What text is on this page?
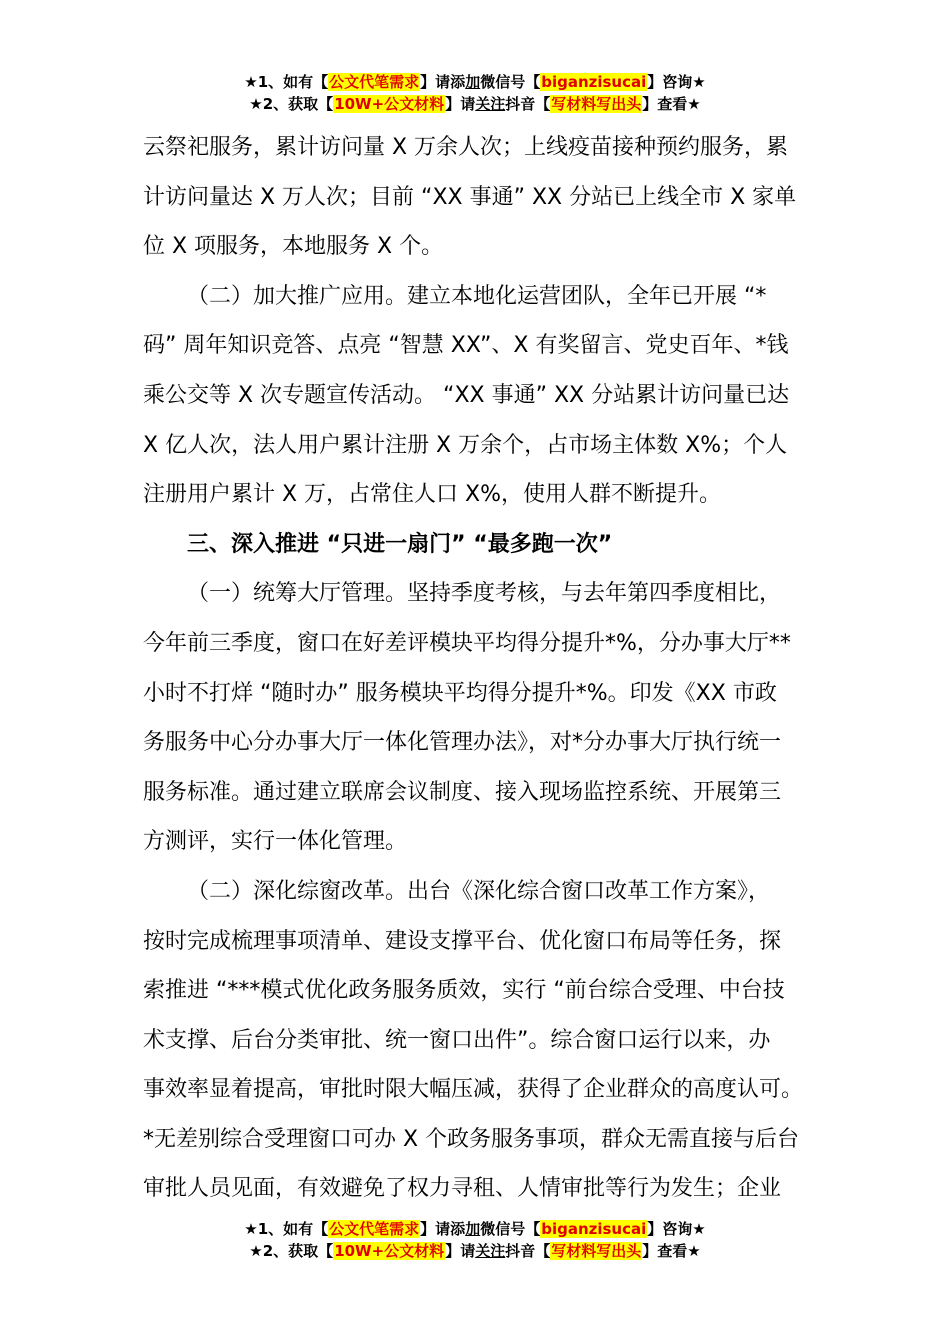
★1、如有【公文代笔需求】请添加微信号【biganzisucai】咨询★
★2、获取【10W+公文材料】请关注抖音【写材料写出头】查看★
云祭祀服务，累计访问量 X 万余人次；上线疫苗接种预约服务，累
计访问量达 X 万人次；目前 “XX 事通” XX 分站已上线全市 X 家单
位 X 项服务，本地服务 X 个。
（二）加大推广应用。建立本地化运营团队，全年已开展 “*
码” 周年知识竞答、点亮 “智慧 XX”、X 有奖留言、党史百年、*钱
乘公交等 X 次专题宣传活动。 “XX 事通” XX 分站累计访问量已达
X 亿人次，法人用户累计注册 X 万余个，占市场主体数 X%；个人
注册用户累计 X 万，占常住人口 X%，使用人群不断提升。
三、深入推进 “只进一扇门” “最多跑一次”
（一）统筹大厅管理。坚持季度考核，与去年第四季度相比，
今年前三季度，窗口在好差评模块平均得分提升*%，分办事大厅**
小时不打烊 “随时办” 服务模块平均得分提升*%。印发《XX 市政
务服务中心分办事大厅一体化管理办法》，对*分办事大厅执行统一
服务标准。通过建立联席会议制度、接入现场监控系统、开展第三
方测评，实行一体化管理。
（二）深化综窗改革。出台《深化综合窗口改革工作方案》，
按时完成梳理事项清单、建设支撑平台、优化窗口布局等任务，探
索推进 “***模式优化政务服务质效，实行 “前台综合受理、中台技
术支撑、后台分类审批、统一窗口出件”。综合窗口运行以来，办
事效率显着提高，审批时限大幅压减，获得了企业群众的高度认可。
*无差别综合受理窗口可办 X 个政务服务事项，群众无需直接与后台
审批人员见面，有效避免了权力寻租、人情审批等行为发生；企业
★1、如有【公文代笔需求】请添加微信号【biganzisucai】咨询★
★2、获取【10W+公文材料】请关注抖音【写材料写出头】查看★
